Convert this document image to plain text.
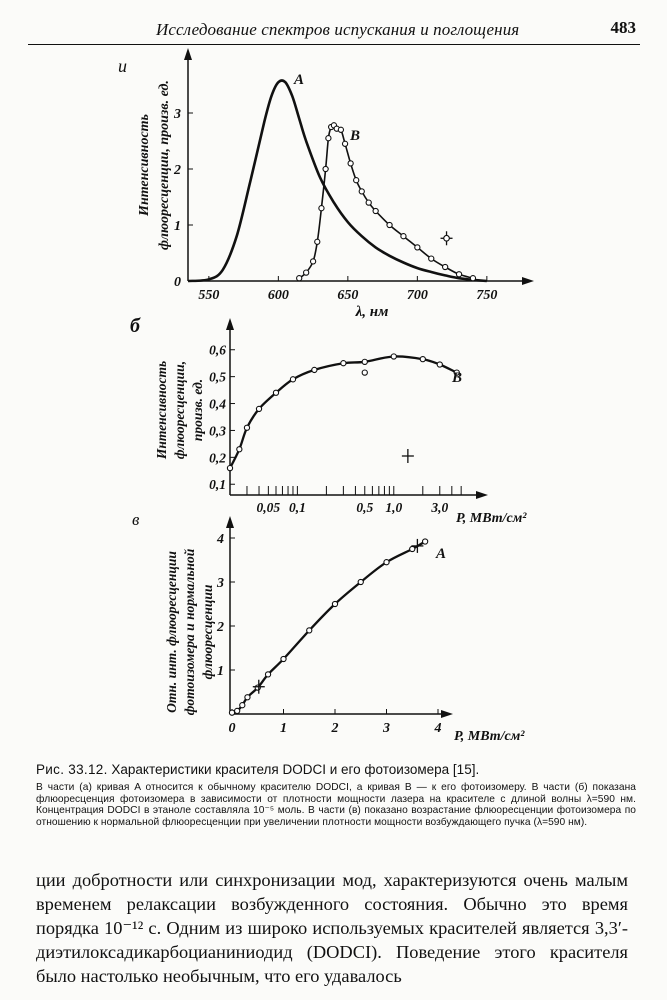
Исследование спектров испускания и поглощения	483
и
550	600	650	700	750
0
1
2
3
Интенсивность флюоресценции, произв. ед.
λ, нм
A
B
б
0,05 0,1	0,5 1,0 3,0
0,1
0,2
0,3
0,4
0,5
0,6
Интенсивность флюоресценции, произв. ед.
P, МВт/см²
B
в
0	1	2	3	4
1
2
3
4
Отн. инт. флюоресценции фотоизомера и нормальной флюоресценции
P, МВт/см²
A
Рис. 33.12. Характеристики красителя DODCI и его фотоизомера [15].
В части (а) кривая A относится к обычному красителю DODCI, а кривая B — к его фотоизомеру. В части (б) показана флюоресценция фотоизомера в зависимости от плотности мощности лазера на красителе с длиной волны λ=590 нм. Концентрация DODCI в этаноле составляла 10⁻⁵ моль. В части (в) показано возрастание флюоресценции фотоизомера по отношению к нормальной флюоресценции при увеличении плотности мощности возбуждающего пучка (λ=590 нм).
ции добротности или синхронизации мод, характеризуются очень малым временем релаксации возбужденного состояния. Обычно это время порядка 10⁻¹² с. Одним из широко используемых красителей является 3,3′-диэтилоксадикарбоцианиниодид (DODCI). Поведение этого красителя было настолько необычным, что его удавалось
